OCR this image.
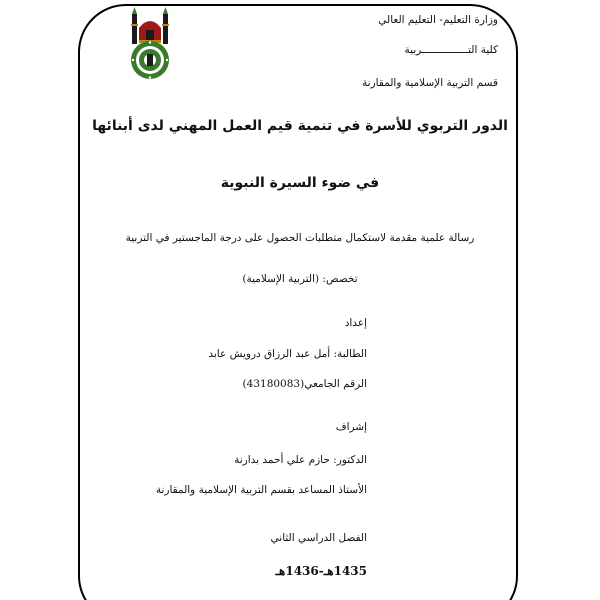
وزارة التعليم- التعليم العالي
كلية التـــــــــــــــربية
قسم التربية الإسلامية والمقارنة
الدور التربوي للأسرة في تنمية قيم العمل المهني لدى أبنائها
في ضوء السيرة النبوية
رسالة علمية مقدمة لاستكمال متطلبات الحصول على درجة الماجستير في التربية
تخصص: (التربية الإسلامية)
إعداد
الطالبة: أمل عبد الرزاق درويش عابد
الرقم الجامعي(43180083)
إشراف
الدكتور: حازم علي أحمد بدارنة
الأستاذ المساعد بقسم التربية الإسلامية والمقارنة
الفصل الدراسي الثاني
1435هـ-1436هـ
